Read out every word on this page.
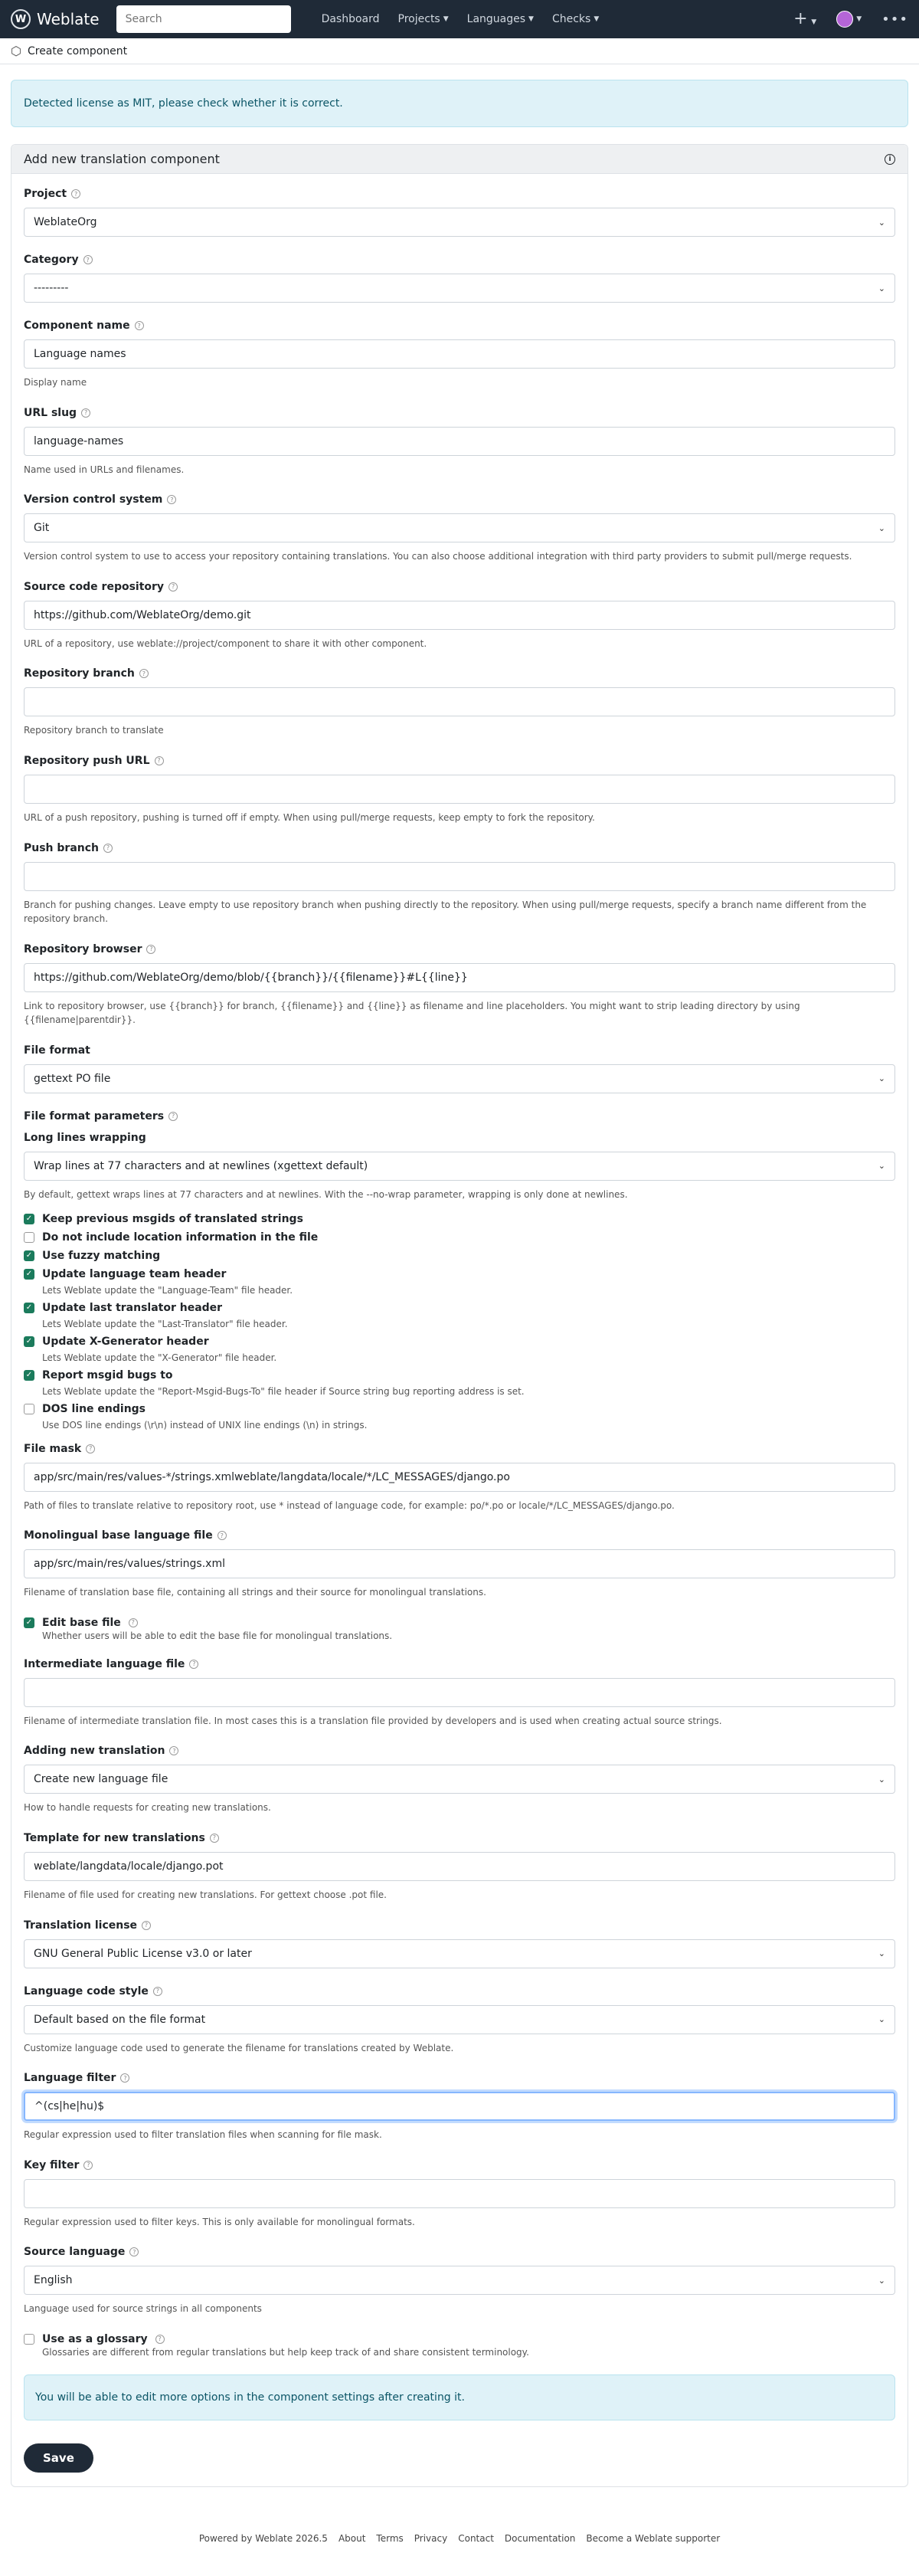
W Weblate
Search	Dashboard Projects ▼ Languages ▼ Checks ▼	+ ▼	▼ •••
⬡ Create component
Detected license as MIT, please check whether it is correct.
Add new translation component	i
Project	?
WeblateOrg	⌄
Category	?
---------	⌄
Component name	?
Language names
Display name
URL slug	?
language-names
Name used in URLs and filenames.
Version control system	?
Git	⌄
Version control system to use to access your repository containing translations. You can also choose additional integration with third party providers to submit pull/merge requests.
Source code repository	?
https://github.com/WeblateOrg/demo.git
URL of a repository, use weblate://project/component to share it with other component.
Repository branch	?
Repository branch to translate
Repository push URL	?
URL of a push repository, pushing is turned off if empty. When using pull/merge requests, keep empty to fork the repository.
Push branch	?
Branch for pushing changes. Leave empty to use repository branch when pushing directly to the repository. When using pull/merge requests, specify a branch name different from the repository branch.
Repository browser	?
https://github.com/WeblateOrg/demo/blob/{{branch}}/{{filename}}#L{{line}}
Link to repository browser, use {{branch}} for branch, {{filename}} and {{line}} as filename and line placeholders. You might want to strip leading directory by using {{filename|parentdir}}.
File format
gettext PO file	⌄
File format parameters	?
Long lines wrapping
Wrap lines at 77 characters and at newlines (xgettext default)	⌄
By default, gettext wraps lines at 77 characters and at newlines. With the --no-wrap parameter, wrapping is only done at newlines.
✓ Keep previous msgids of translated strings
Do not include location information in the file
✓ Use fuzzy matching
✓ Update language team header
Lets Weblate update the "Language-Team" file header.
✓ Update last translator header
Lets Weblate update the "Last-Translator" file header.
✓ Update X-Generator header
Lets Weblate update the "X-Generator" file header.
✓ Report msgid bugs to
Lets Weblate update the "Report-Msgid-Bugs-To" file header if Source string bug reporting address is set.
DOS line endings
Use DOS line endings (\r\n) instead of UNIX line endings (\n) in strings.
File mask	?
app/src/main/res/values-*/strings.xmlweblate/langdata/locale/*/LC_MESSAGES/django.po
Path of files to translate relative to repository root, use * instead of language code, for example: po/*.po or locale/*/LC_MESSAGES/django.po.
Monolingual base language file	?
app/src/main/res/values/strings.xml
Filename of translation base file, containing all strings and their source for monolingual translations.
✓ Edit base file	?
Whether users will be able to edit the base file for monolingual translations.
Intermediate language file	?
Filename of intermediate translation file. In most cases this is a translation file provided by developers and is used when creating actual source strings.
Adding new translation	?
Create new language file	⌄
How to handle requests for creating new translations.
Template for new translations	?
weblate/langdata/locale/django.pot
Filename of file used for creating new translations. For gettext choose .pot file.
Translation license	?
GNU General Public License v3.0 or later	⌄
Language code style	?
Default based on the file format	⌄
Customize language code used to generate the filename for translations created by Weblate.
Language filter	?
^(cs|he|hu)$
Regular expression used to filter translation files when scanning for file mask.
Key filter	?
Regular expression used to filter keys. This is only available for monolingual formats.
Source language	?
English	⌄
Language used for source strings in all components
Use as a glossary	?
Glossaries are different from regular translations but help keep track of and share consistent terminology.
You will be able to edit more options in the component settings after creating it.
Save
Powered by Weblate 2026.5 About Terms Privacy Contact Documentation Become a Weblate supporter
